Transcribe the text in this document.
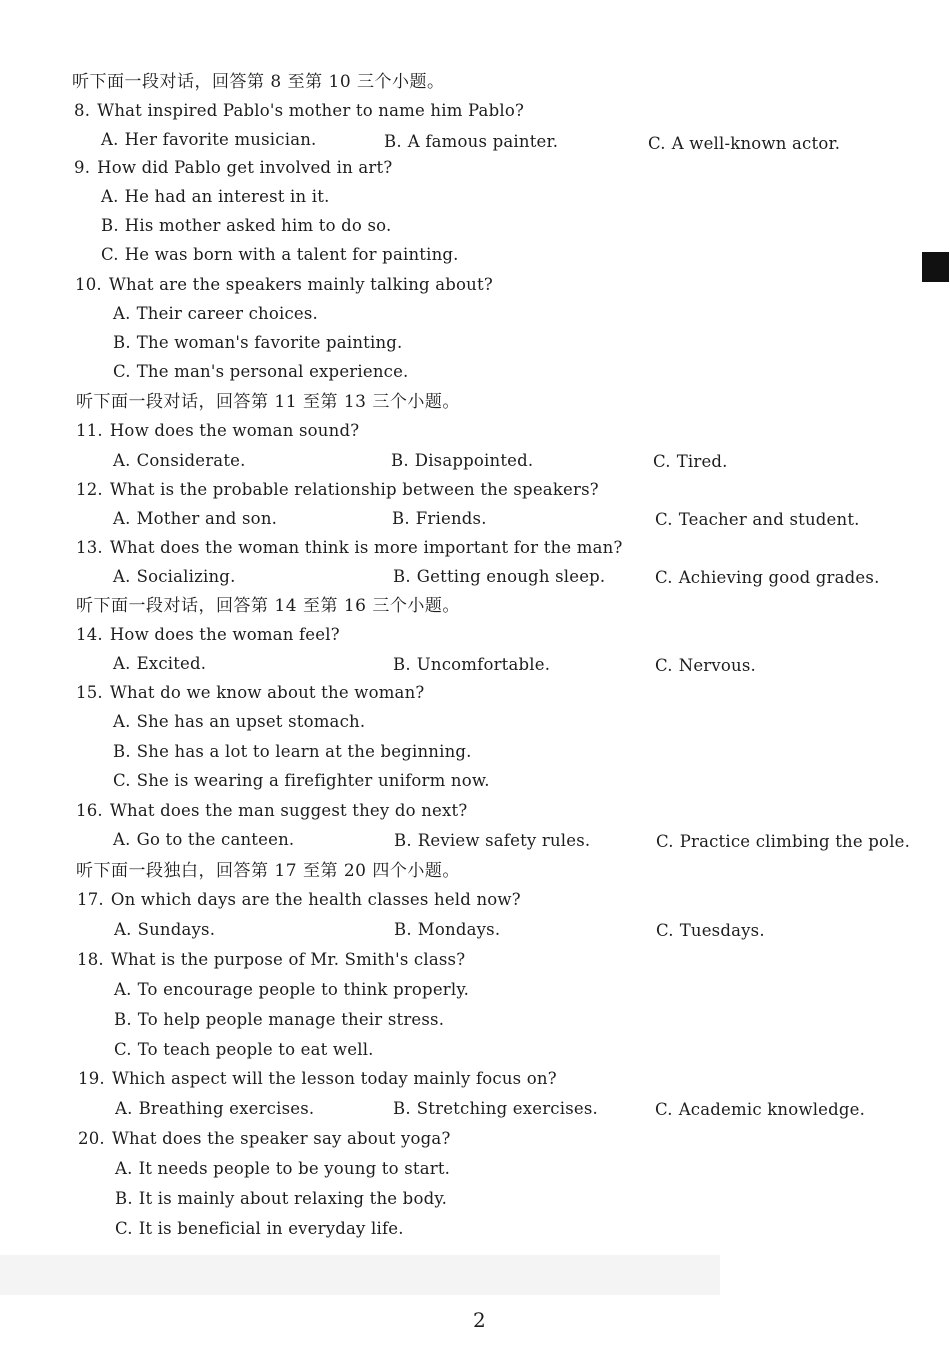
听下面一段对话，回答第 8 至第 10 三个小题。
8. What inspired Pablo's mother to name him Pablo?
A. Her favorite musician.	B. A famous painter.	C. A well-known actor.
9. How did Pablo get involved in art?
A. He had an interest in it.
B. His mother asked him to do so.
C. He was born with a talent for painting.
10. What are the speakers mainly talking about?
A. Their career choices.
B. The woman's favorite painting.
C. The man's personal experience.
听下面一段对话，回答第 11 至第 13 三个小题。
11. How does the woman sound?
A. Considerate.	B. Disappointed.	C. Tired.
12. What is the probable relationship between the speakers?
A. Mother and son.	B. Friends.	C. Teacher and student.
13. What does the woman think is more important for the man?
A. Socializing.	B. Getting enough sleep.	C. Achieving good grades.
听下面一段对话，回答第 14 至第 16 三个小题。
14. How does the woman feel?
A. Excited.	B. Uncomfortable.	C. Nervous.
15. What do we know about the woman?
A. She has an upset stomach.
B. She has a lot to learn at the beginning.
C. She is wearing a firefighter uniform now.
16. What does the man suggest they do next?
A. Go to the canteen.	B. Review safety rules.	C. Practice climbing the pole.
听下面一段独白，回答第 17 至第 20 四个小题。
17. On which days are the health classes held now?
A. Sundays.	B. Mondays.	C. Tuesdays.
18. What is the purpose of Mr. Smith's class?
A. To encourage people to think properly.
B. To help people manage their stress.
C. To teach people to eat well.
19. Which aspect will the lesson today mainly focus on?
A. Breathing exercises.	B. Stretching exercises.	C. Academic knowledge.
20. What does the speaker say about yoga?
A. It needs people to be young to start.
B. It is mainly about relaxing the body.
C. It is beneficial in everyday life.
2
